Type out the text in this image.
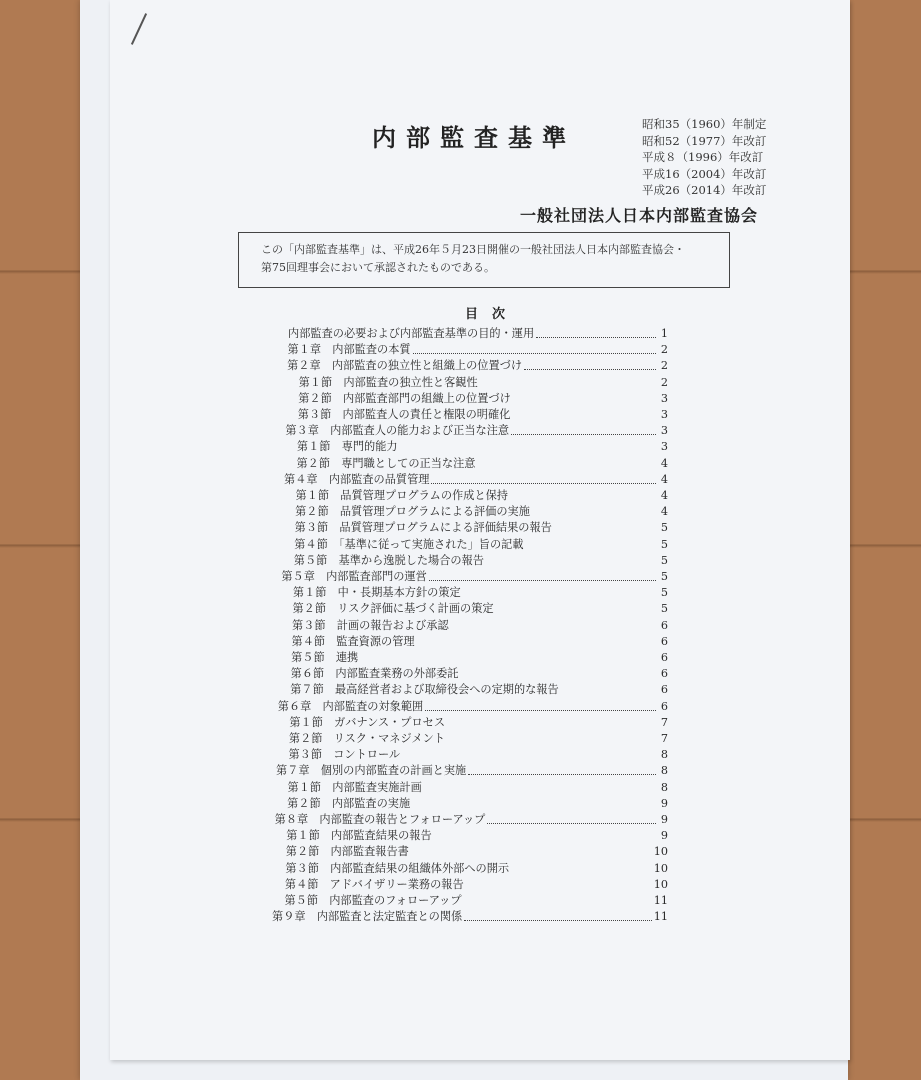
内部監査基準	昭和35（1960）年制定
昭和52（1977）年改訂
平成８（1996）年改訂
平成16（2004）年改訂
平成26（2014）年改訂
一般社団法人日本内部監査協会
この「内部監査基準」は、平成26年５月23日開催の一般社団法人日本内部監査協会・
第75回理事会において承認されたものである。
目次
内部監査の必要および内部監査基準の目的・運用	1
第１章　内部監査の本質	2
第２章　内部監査の独立性と組織上の位置づけ	2
第１節　内部監査の独立性と客観性	2
第２節　内部監査部門の組織上の位置づけ	3
第３節　内部監査人の責任と権限の明確化	3
第３章　内部監査人の能力および正当な注意	3
第１節　専門的能力	3
第２節　専門職としての正当な注意	4
第４章　内部監査の品質管理	4
第１節　品質管理プログラムの作成と保持	4
第２節　品質管理プログラムによる評価の実施	4
第３節　品質管理プログラムによる評価結果の報告	5
第４節　「基準に従って実施された」旨の記載	5
第５節　基準から逸脱した場合の報告	5
第５章　内部監査部門の運営	5
第１節　中・長期基本方針の策定	5
第２節　リスク評価に基づく計画の策定	5
第３節　計画の報告および承認	6
第４節　監査資源の管理	6
第５節　連携	6
第６節　内部監査業務の外部委託	6
第７節　最高経営者および取締役会への定期的な報告	6
第６章　内部監査の対象範囲	6
第１節　ガバナンス・プロセス	7
第２節　リスク・マネジメント	7
第３節　コントロール	8
第７章　個別の内部監査の計画と実施	8
第１節　内部監査実施計画	8
第２節　内部監査の実施	9
第８章　内部監査の報告とフォローアップ	9
第１節　内部監査結果の報告	9
第２節　内部監査報告書	10
第３節　内部監査結果の組織体外部への開示	10
第４節　アドバイザリー業務の報告	10
第５節　内部監査のフォローアップ	11
第９章　内部監査と法定監査との関係	11
